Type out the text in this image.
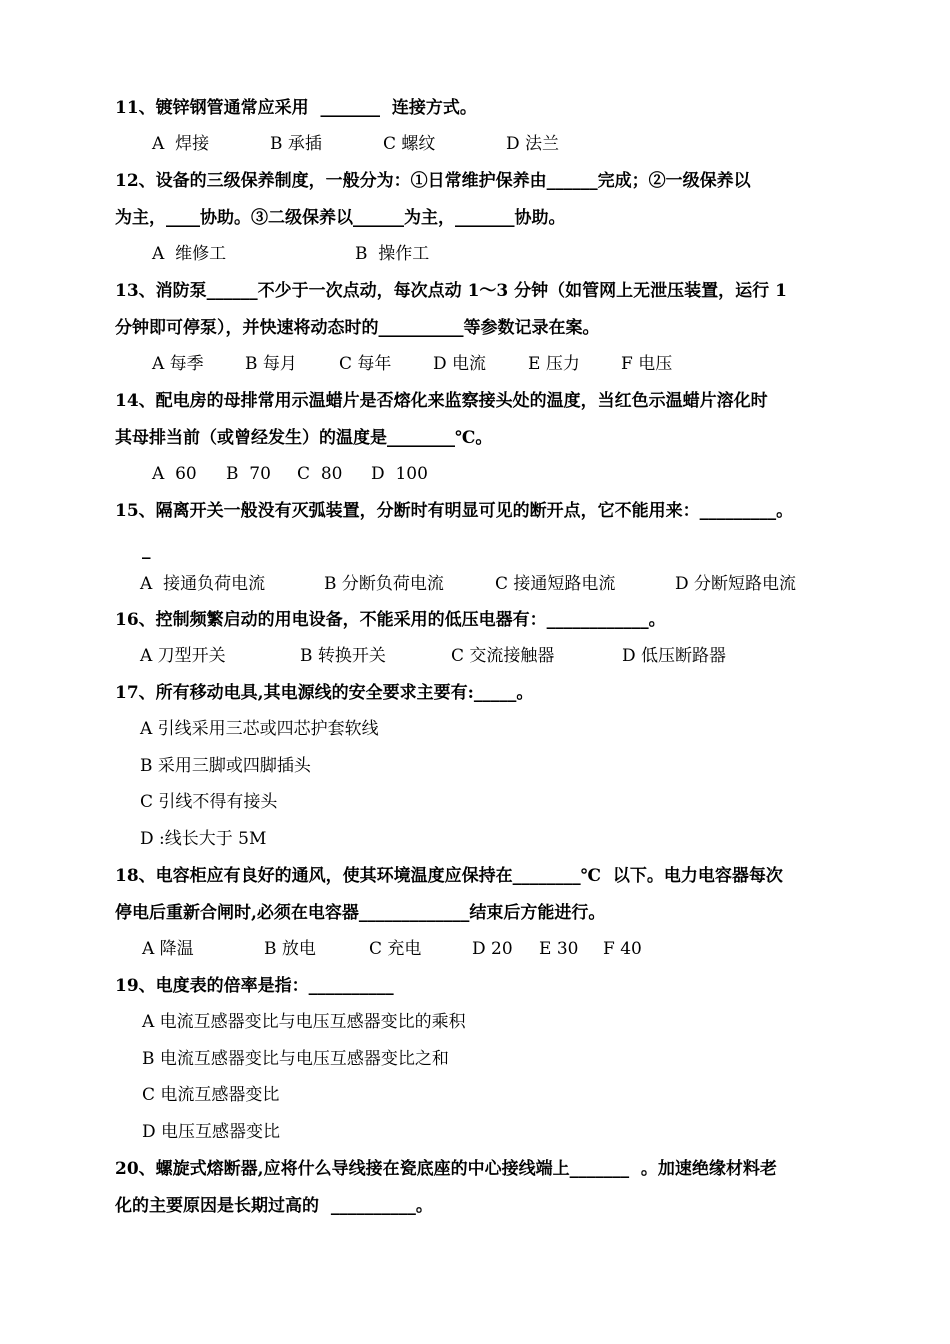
11、镀锌钢管通常应采用  _______  连接方式。

A  焊接

	B 承插

	C 螺纹

	D 法兰

12、设备的三级保养制度，一般分为：①日常维护保养由______完成；②一级保养以
为主，____协助。③二级保养以______为主，_______协助。

A  维修工

	B  操作工

13、消防泵______不少于一次点动，每次点动 1～3 分钟（如管网上无泄压装置，运行 1
分钟即可停泵），并快速将动态时的__________等参数记录在案。

A 每季

B 每月

C 每年

D 电流

E 压力

F 电压

14、配电房的母排常用示温蜡片是否熔化来监察接头处的温度，当红色示温蜡片溶化时
其母排当前（或曾经发生）的温度是________℃。

A  60

B  70

C  80

D  100

15、隔离开关一般没有灭弧装置，分断时有明显可见的断开点，它不能用来：_________。
_

A  接通负荷电流

	B 分断负荷电流

	C 接通短路电流

	D 分断短路电流

16、控制频繁启动的用电设备，不能采用的低压电器有：____________。

A 刀型开关

	B 转换开关

	C 交流接触器

	D 低压断路器

17、所有移动电具,其电源线的安全要求主要有:_____。
A 引线采用三芯或四芯护套软线
B 采用三脚或四脚插头
C 引线不得有接头
D :线长大于 5M
18、电容柜应有良好的通风，使其环境温度应保持在________℃  以下。电力电容器每次
停电后重新合闸时,必须在电容器_____________结束后方能进行。

A 降温

	B 放电

	C 充电

	D 20

E 30

F 40

19、电度表的倍率是指：__________
A 电流互感器变比与电压互感器变比的乘积
B 电流互感器变比与电压互感器变比之和
C 电流互感器变比
D 电压互感器变比
20、螺旋式熔断器,应将什么导线接在瓷底座的中心接线端上_______  。加速绝缘材料老
化的主要原因是长期过高的  __________。
